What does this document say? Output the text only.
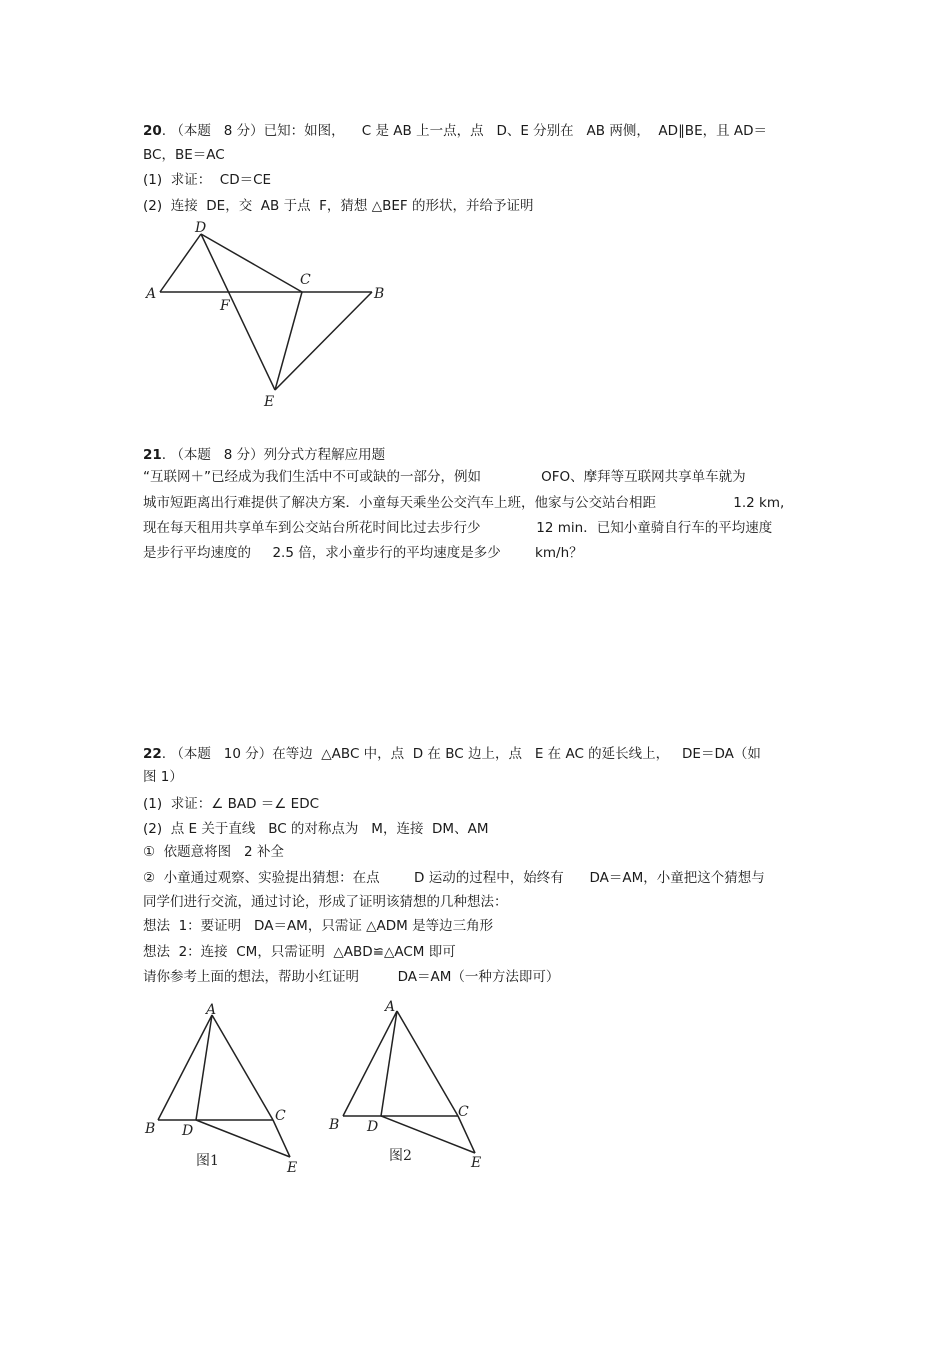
20. （本题   8 分）已知：如图，    C 是 AB 上一点，点   D、E 分别在   AB 两侧，  AD∥BE，且 AD＝
BC，BE＝AC
(1)  求证：  CD＝CE
(2)  连接  DE，交  AB 于点  F，猜想 △BEF 的形状，并给予证明
A
D
F
C
B
E
21. （本题   8 分）列分式方程解应用题
“互联网＋”已经成为我们生活中不可或缺的一部分，例如              OFO、摩拜等互联网共享单车就为
城市短距离出行难提供了解决方案．小童每天乘坐公交汽车上班，他家与公交站台相距                  1.2 km,
现在每天租用共享单车到公交站台所花时间比过去步行少             12 min．已知小童骑自行车的平均速度
是步行平均速度的     2.5 倍，求小童步行的平均速度是多少        km/h？
22. （本题   10 分）在等边  △ABC 中，点  D 在 BC 边上，点   E 在 AC 的延长线上，   DE＝DA（如
图 1）
(1)  求证：∠ BAD ＝∠ EDC
(2)  点 E 关于直线   BC 的对称点为   M，连接  DM、AM
①  依题意将图   2 补全
②  小童通过观察、实验提出猜想：在点        D 运动的过程中，始终有      DA＝AM，小童把这个猜想与
同学们进行交流，通过讨论，形成了证明该猜想的几种想法：
想法  1：要证明   DA＝AM，只需证 △ADM 是等边三角形
想法  2：连接  CM，只需证明  △ABD≌△ACM 即可
请你参考上面的想法，帮助小红证明         DA＝AM（一种方法即可）
A
B D
C
E
图1
A
B D
C
E
图2
